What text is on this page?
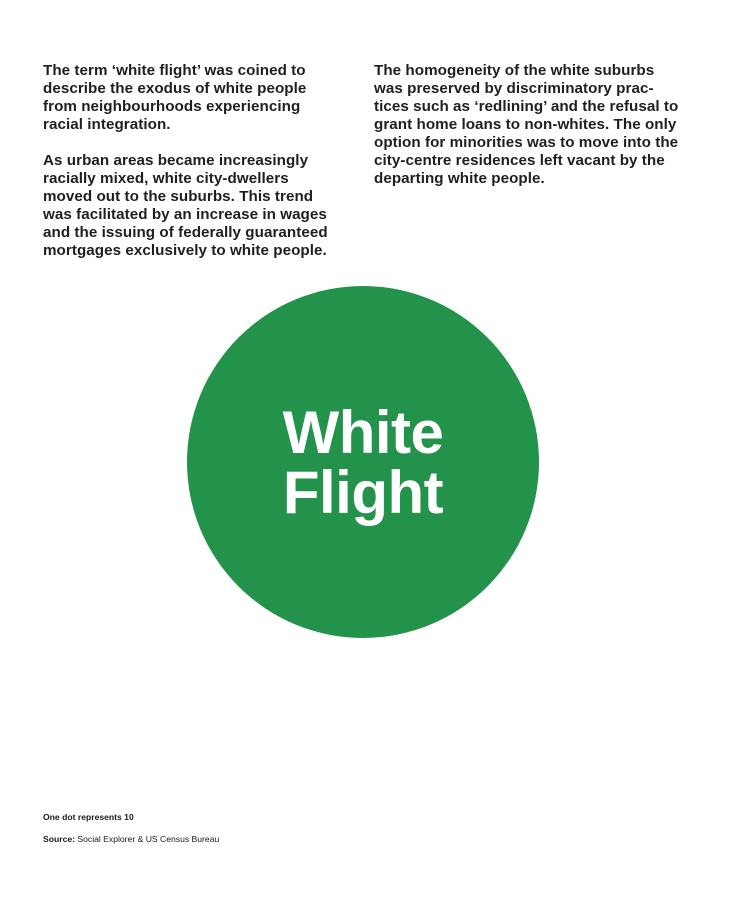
The term ‘white flight’ was coined to
describe the exodus of white people
from neighbourhoods experiencing
racial integration.

As urban areas became increasingly
racially mixed, white city-dwellers
moved out to the suburbs. This trend
was facilitated by an increase in wages
and the issuing of federally guaranteed
mortgages exclusively to white people.

The homogeneity of the white suburbs
was preserved by discriminatory prac-
tices such as ‘redlining’ and the refusal to
grant home loans to non-whites. The only
option for minorities was to move into the
city-centre residences left vacant by the
departing white people.

White
Flight
One dot represents 10
Source: Social Explorer & US Census Bureau
